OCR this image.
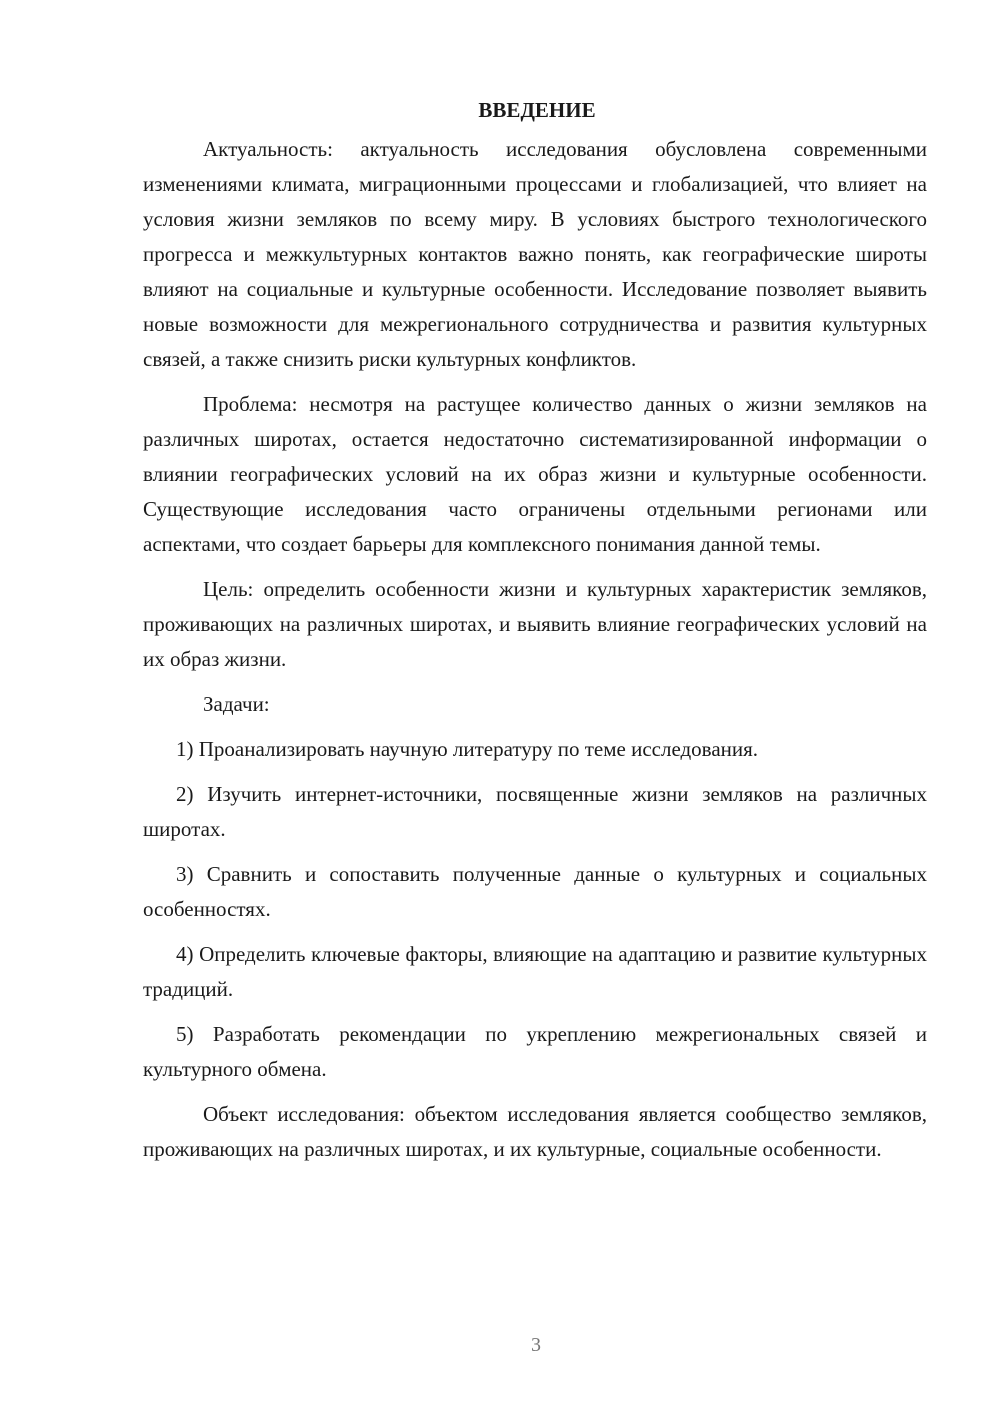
ВВЕДЕНИЕ

Актуальность: актуальность исследования обусловлена современными изменениями климата, миграционными процессами и глобализацией, что влияет на условия жизни земляков по всему миру. В условиях быстрого технологического прогресса и межкультурных контактов важно понять, как географические широты влияют на социальные и культурные особенности. Исследование позволяет выявить новые возможности для межрегионального сотрудничества и развития культурных связей, а также снизить риски культурных конфликтов.

Проблема: несмотря на растущее количество данных о жизни земляков на различных широтах, остается недостаточно систематизированной информации о влиянии географических условий на их образ жизни и культурные особенности. Существующие исследования часто ограничены отдельными регионами или аспектами, что создает барьеры для комплексного понимания данной темы.

Цель: определить особенности жизни и культурных характеристик земляков, проживающих на различных широтах, и выявить влияние географических условий на их образ жизни.

Задачи:

1) Проанализировать научную литературу по теме исследования.

2) Изучить интернет-источники, посвященные жизни земляков на различных широтах.

3) Сравнить и сопоставить полученные данные о культурных и социальных особенностях.

4) Определить ключевые факторы, влияющие на адаптацию и развитие культурных традиций.

5) Разработать рекомендации по укреплению межрегиональных связей и культурного обмена.

Объект исследования: объектом исследования является сообщество земляков, проживающих на различных широтах, и их культурные, социальные особенности.

3
